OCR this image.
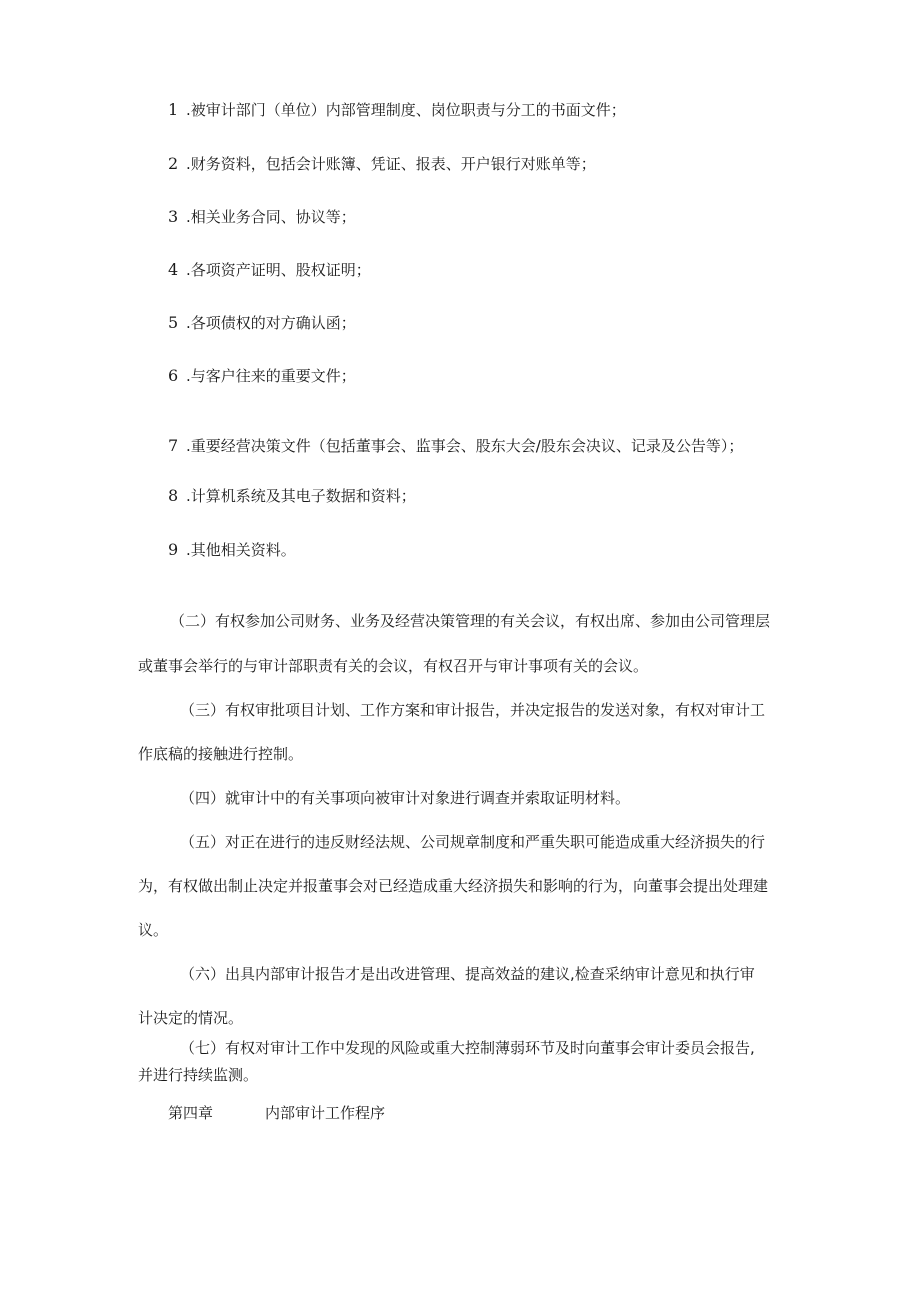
1 .被审计部门（单位）内部管理制度、岗位职责与分工的书面文件；
2 .财务资料，包括会计账簿、凭证、报表、开户银行对账单等；
3 .相关业务合同、协议等；
4 .各项资产证明、股权证明；
5 .各项债权的对方确认函；
6 .与客户往来的重要文件；
7 .重要经营决策文件（包括董事会、监事会、股东大会/股东会决议、记录及公告等）；
8 .计算机系统及其电子数据和资料；
9 .其他相关资料。
（二）有权参加公司财务、业务及经营决策管理的有关会议，有权出席、参加由公司管理层
或董事会举行的与审计部职责有关的会议，有权召开与审计事项有关的会议。
（三）有权审批项目计划、工作方案和审计报告，并决定报告的发送对象，有权对审计工
作底稿的接触进行控制。
（四）就审计中的有关事项向被审计对象进行调查并索取证明材料。
（五）对正在进行的违反财经法规、公司规章制度和严重失职可能造成重大经济损失的行
为，有权做出制止决定并报董事会对已经造成重大经济损失和影响的行为，向董事会提出处理建
议。
（六）出具内部审计报告才是出改进管理、提高效益的建议,检查采纳审计意见和执行审
计决定的情况。
（七）有权对审计工作中发现的风险或重大控制薄弱环节及时向董事会审计委员会报告,
并进行持续监测。
第四章	内部审计工作程序
